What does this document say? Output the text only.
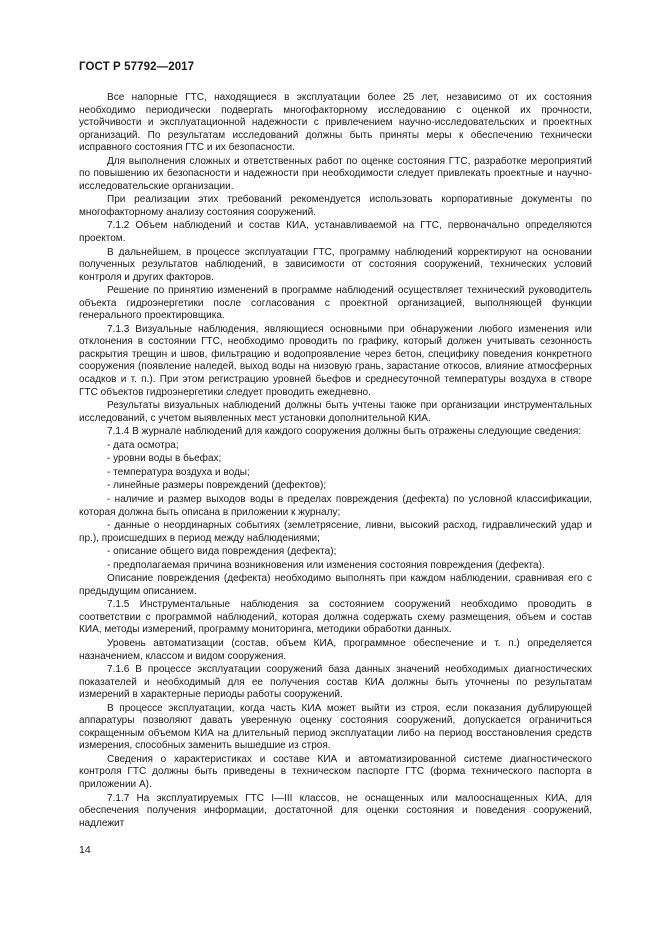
ГОСТ Р 57792—2017

Все напорные ГТС, находящиеся в эксплуатации более 25 лет, независимо от их состояния необходимо периодически подвергать многофакторному исследованию с оценкой их прочности, устойчивости и эксплуатационной надежности с привлечением научно-исследовательских и проектных организаций. По результатам исследований должны быть приняты меры к обеспечению технически исправного состояния ГТС и их безопасности.

Для выполнения сложных и ответственных работ по оценке состояния ГТС, разработке мероприятий по повышению их безопасности и надежности при необходимости следует привлекать проектные и научно-исследовательские организации.

При реализации этих требований рекомендуется использовать корпоративные документы по многофакторному анализу состояния сооружений.

7.1.2 Объем наблюдений и состав КИА, устанавливаемой на ГТС, первоначально определяются проектом.

В дальнейшем, в процессе эксплуатации ГТС, программу наблюдений корректируют на основании полученных результатов наблюдений, в зависимости от состояния сооружений, технических условий контроля и других факторов.

Решение по принятию изменений в программе наблюдений осуществляет технический руководитель объекта гидроэнергетики после согласования с проектной организацией, выполняющей функции генерального проектировщика.

7.1.3 Визуальные наблюдения, являющиеся основными при обнаружении любого изменения или отклонения в состоянии ГТС, необходимо проводить по графику, который должен учитывать сезонность раскрытия трещин и швов, фильтрацию и водопроявление через бетон, специфику поведения конкретного сооружения (появление наледей, выход воды на низовую грань, зарастание откосов, влияние атмосферных осадков и т. п.). При этом регистрацию уровней бьефов и среднесуточной температуры воздуха в створе ГТС объектов гидроэнергетики следует проводить ежедневно.

Результаты визуальных наблюдений должны быть учтены также при организации инструментальных исследований, с учетом выявленных мест установки дополнительной КИА.

7.1.4 В журнале наблюдений для каждого сооружения должны быть отражены следующие сведения:

- дата осмотра;

- уровни воды в бьефах;

- температура воздуха и воды;

- линейные размеры повреждений (дефектов);

- наличие и размер выходов воды в пределах повреждения (дефекта) по условной классификации, которая должна быть описана в приложении к журналу;

- данные о неординарных событиях (землетрясение, ливни, высокий расход, гидравлический удар и пр.), происшедших в период между наблюдениями;

- описание общего вида повреждения (дефекта);

- предполагаемая причина возникновения или изменения состояния повреждения (дефекта).

Описание повреждения (дефекта) необходимо выполнять при каждом наблюдении, сравнивая его с предыдущим описанием.

7.1.5 Инструментальные наблюдения за состоянием сооружений необходимо проводить в соответствии с программой наблюдений, которая должна содержать схему размещения, объем и состав КИА, методы измерений, программу мониторинга, методики обработки данных.

Уровень автоматизации (состав, объем КИА, программное обеспечение и т. п.) определяется назначением, классом и видом сооружения.

7.1.6 В процессе эксплуатации сооружений база данных значений необходимых диагностических показателей и необходимый для ее получения состав КИА должны быть уточнены по результатам измерений в характерные периоды работы сооружений.

В процессе эксплуатации, когда часть КИА может выйти из строя, если показания дублирующей аппаратуры позволяют давать уверенную оценку состояния сооружений, допускается ограничиться сокращенным объемом КИА на длительный период эксплуатации либо на период восстановления средств измерения, способных заменить вышедшие из строя.

Сведения о характеристиках и составе КИА и автоматизированной системе диагностического контроля ГТС должны быть приведены в техническом паспорте ГТС (форма технического паспорта в приложении А).

7.1.7 На эксплуатируемых ГТС I—III классов, не оснащенных или малооснащенных КИА, для обеспечения получения информации, достаточной для оценки состояния и поведения сооружений, надлежит

14
